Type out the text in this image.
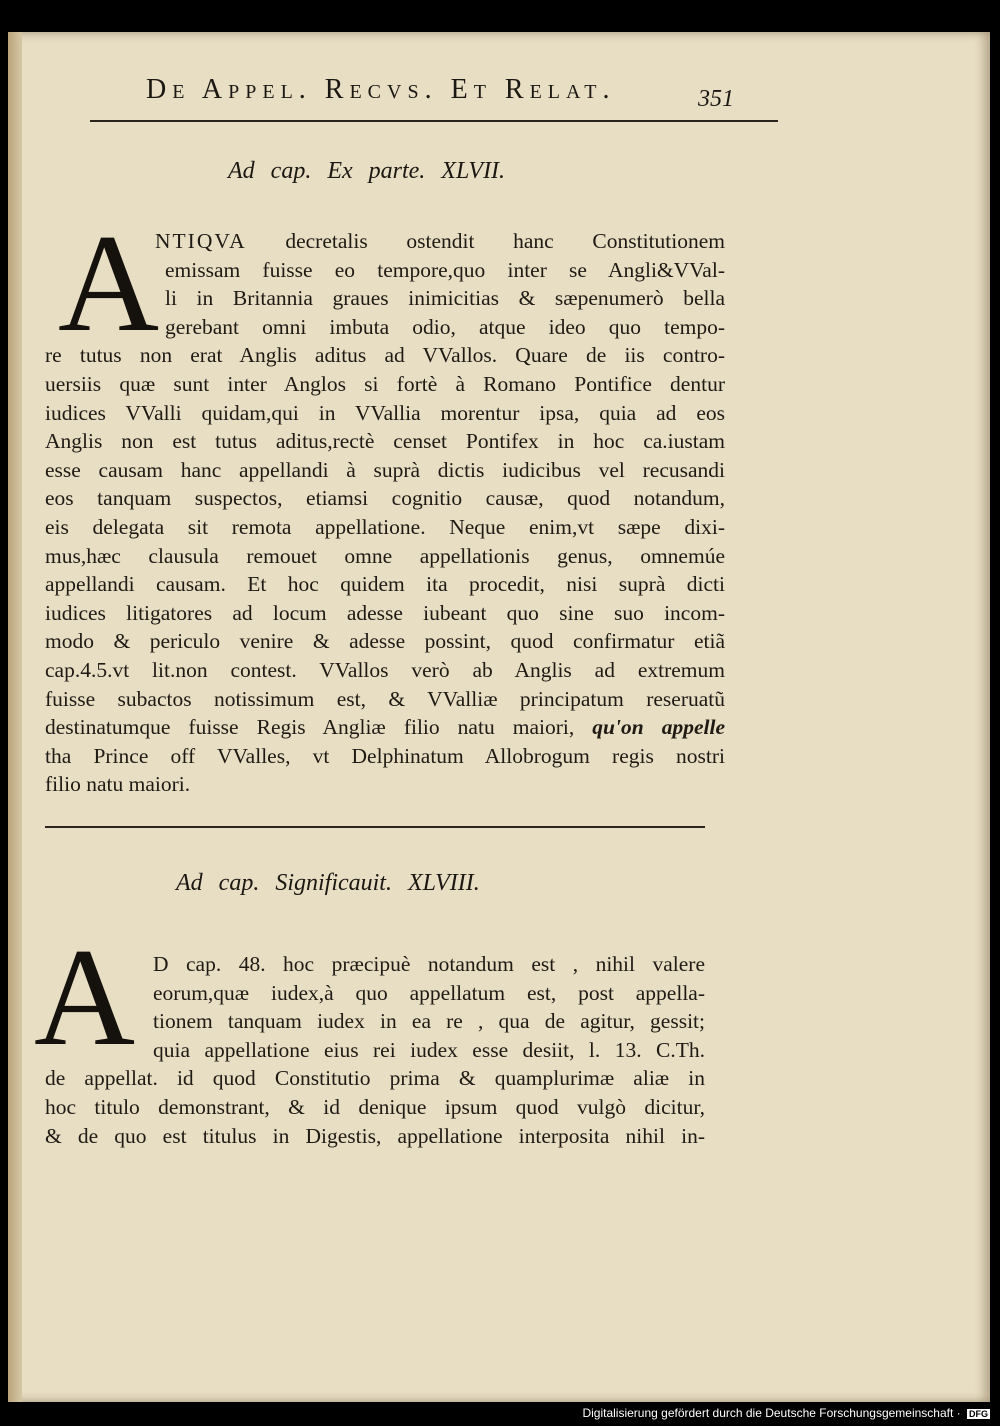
De Appel. Recvs. Et Relat.	351
Ad cap. Ex parte. XLVII.
A
NTIQVA decretalis ostendit hanc Constitutionem
emissam fuisse eo tempore,quo inter se Angli&VVal-
li in Britannia graues inimicitias & sæpenumerò bella
gerebant omni imbuta odio, atque ideo quo tempo-
re tutus non erat Anglis aditus ad VVallos. Quare de iis contro-
uersiis quæ sunt inter Anglos si fortè à Romano Pontifice dentur
iudices VValli quidam,qui in VVallia morentur ipsa, quia ad eos
Anglis non est tutus aditus,rectè censet Pontifex in hoc ca.iustam
esse causam hanc appellandi à suprà dictis iudicibus vel recusandi
eos tanquam suspectos, etiamsi cognitio causæ, quod notandum,
eis delegata sit remota appellatione. Neque enim,vt sæpe dixi-
mus,hæc clausula remouet omne appellationis genus, omnemúe
appellandi causam. Et hoc quidem ita procedit, nisi suprà dicti
iudices litigatores ad locum adesse iubeant quo sine suo incom-
modo & periculo venire & adesse possint, quod confirmatur etiã
cap.4.5.vt lit.non contest. VVallos verò ab Anglis ad extremum
fuisse subactos notissimum est, & VValliæ principatum reseruatũ
destinatumque fuisse Regis Angliæ filio natu maiori, qu'on appelle
tha Prince off VValles, vt Delphinatum Allobrogum regis nostri
filio natu maiori.
Ad cap. Significauit. XLVIII.
A D cap. 48. hoc præcipuè notandum est , nihil valere
eorum,quæ iudex,à quo appellatum est, post appella-
tionem tanquam iudex in ea re , qua de agitur, gessit;
quia appellatione eius rei iudex esse desiit, l. 13. C.Th.
de appellat. id quod Constitutio prima & quamplurimæ aliæ in
hoc titulo demonstrant, & id denique ipsum quod vulgò dicitur,
& de quo est titulus in Digestis, appellatione interposita nihil in-
Digitalisierung gefördert durch die Deutsche Forschungsgemeinschaft · DFG
